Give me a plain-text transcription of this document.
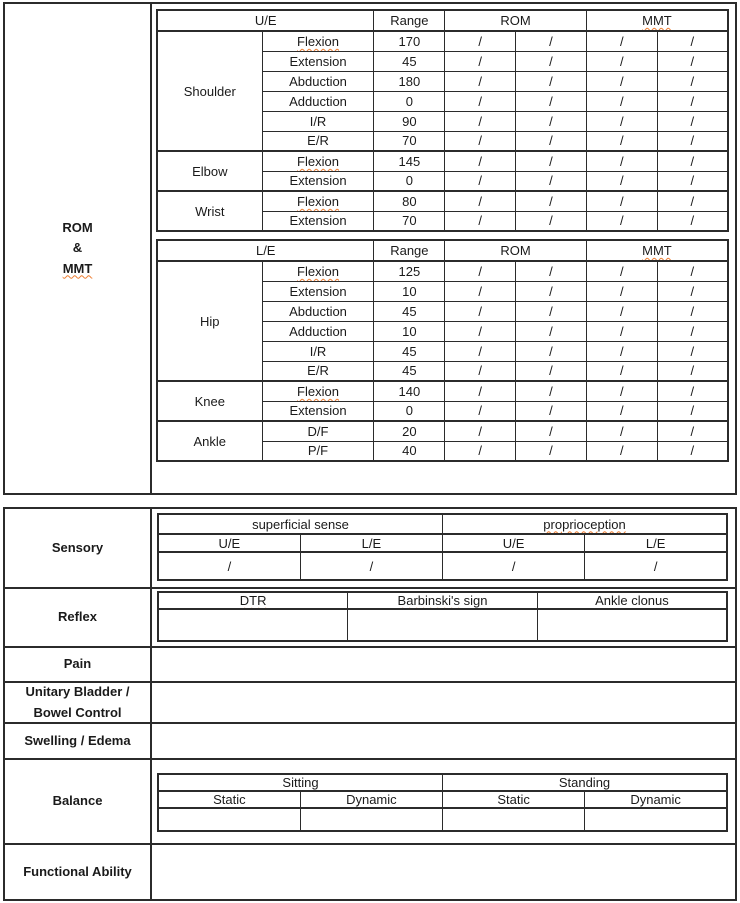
ROM
&
MMT
U/E		Range	ROM		MMT	
Shoulder	Flexion	170	/	/	/	/
	Extension	45	/	/	/	/
	Abduction	180	/	/	/	/
	Adduction	0	/	/	/	/
	I/R	90	/	/	/	/
	E/R	70	/	/	/	/
Elbow	Flexion	145	/	/	/	/
	Extension	0	/	/	/	/
Wrist	Flexion	80	/	/	/	/
	Extension	70	/	/	/	/
L/E		Range	ROM		MMT	
Hip	Flexion	125	/	/	/	/
	Extension	10	/	/	/	/
	Abduction	45	/	/	/	/
	Adduction	10	/	/	/	/
	I/R	45	/	/	/	/
	E/R	45	/	/	/	/
Knee	Flexion	140	/	/	/	/
	Extension	0	/	/	/	/
Ankle	D/F	20	/	/	/	/
	P/F	40	/	/	/	/
Sensory
superficial sense		proprioception	
U/E	L/E	U/E	L/E
/	/	/	/
Reflex
DTR	Barbinski's sign	Ankle clonus

Pain
Unitary Bladder /
Bowel Control
Swelling / Edema
Balance
Sitting		Standing	
Static	Dynamic	Static	Dynamic

Functional Ability
